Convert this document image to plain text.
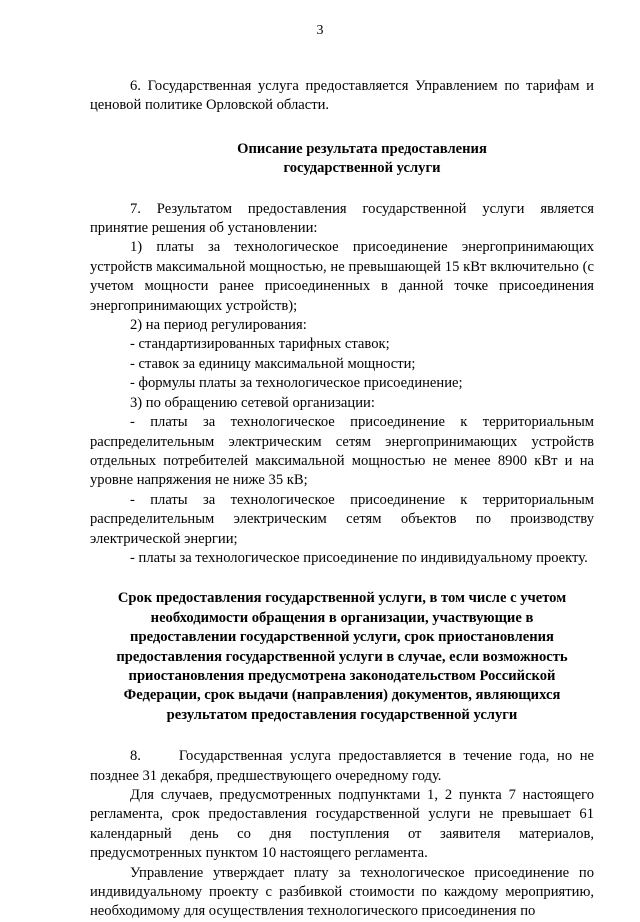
3

6. Государственная услуга предоставляется Управлением по тарифам и ценовой политике Орловской области.

Описание результата предоставления
государственной услуги

7. Результатом предоставления государственной услуги является принятие решения об установлении:

1) платы за технологическое присоединение энергопринимающих устройств максимальной мощностью, не превышающей 15 кВт включительно (с учетом мощности ранее присоединенных в данной точке присоединения энергопринимающих устройств);

2) на период регулирования:

- стандартизированных тарифных ставок;

- ставок за единицу максимальной мощности;

- формулы платы за технологическое присоединение;

3) по обращению сетевой организации:

- платы за технологическое присоединение к территориальным распределительным электрическим сетям энергопринимающих устройств отдельных потребителей максимальной мощностью не менее 8900 кВт и на уровне напряжения не ниже 35 кВ;

- платы за технологическое присоединение к территориальным распределительным электрическим сетям объектов по производству электрической энергии;

- платы за технологическое присоединение по индивидуальному проекту.

Срок предоставления государственной услуги, в том числе с учетом
необходимости обращения в организации, участвующие в
предоставлении государственной услуги, срок приостановления
предоставления государственной услуги в случае, если возможность
приостановления предусмотрена законодательством Российской
Федерации, срок выдачи (направления) документов, являющихся
результатом предоставления государственной услуги

8.     Государственная услуга предоставляется в течение года, но не позднее 31 декабря, предшествующего очередному году.

Для случаев, предусмотренных подпунктами 1, 2 пункта 7 настоящего регламента, срок предоставления государственной услуги не превышает 61 календарный день со дня поступления от заявителя материалов, предусмотренных пунктом 10 настоящего регламента.

Управление утверждает плату за технологическое присоединение по индивидуальному проекту с разбивкой стоимости по каждому мероприятию, необходимому для осуществления технологического присоединения по
